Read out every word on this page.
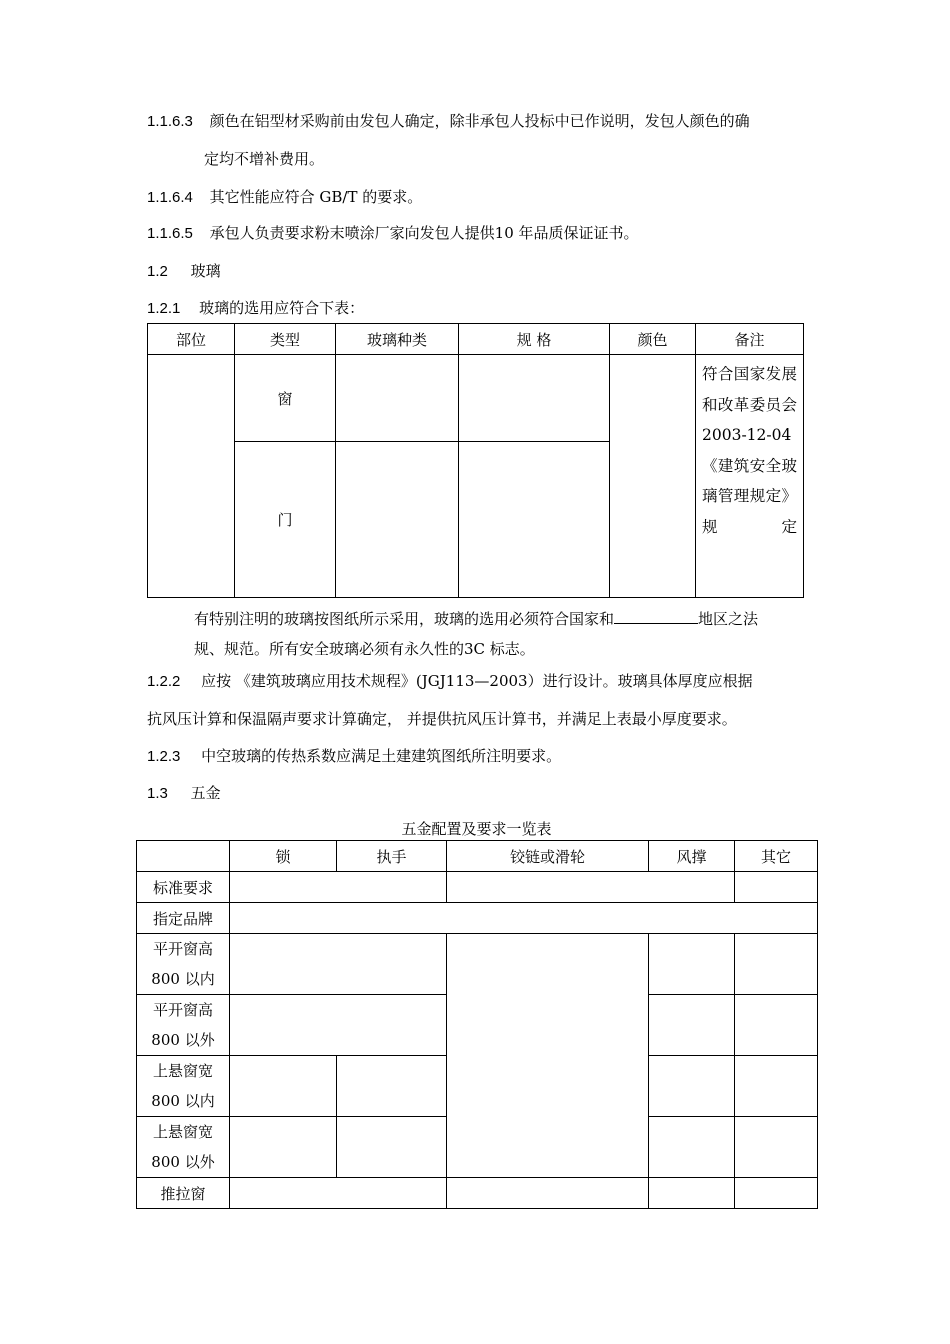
1.1.6.3 颜色在铝型材采购前由发包人确定，除非承包人投标中已作说明，发包人颜色的确
定均不增补费用。
1.1.6.4 其它性能应符合 GB/T 的要求。
1.1.6.5 承包人负责要求粉末喷涂厂家向发包人提供10 年品质保证证书。
1.2 玻璃
1.2.1 玻璃的选用应符合下表：
部位	类型	玻璃种类	规 格	颜色	备注
	窗				符合国家发展和改革委员会2003-12-04《建筑安全玻璃管理规定》规定
	门				
有特别注明的玻璃按图纸所示采用，玻璃的选用必须符合国家和	地区之法
规、规范。所有安全玻璃必须有永久性的3C 标志。
1.2.2 应按 《建筑玻璃应用技术规程》(JGJ113—2003）进行设计。玻璃具体厚度应根据
抗风压计算和保温隔声要求计算确定， 并提供抗风压计算书，并满足上表最小厚度要求。
1.2.3 中空玻璃的传热系数应满足土建建筑图纸所注明要求。
1.3 五金
五金配置及要求一览表
	锁	执手	铰链或滑轮	风撑	其它
标准要求					
指定品牌					

平开窗高
800 以内					

平开窗高
800 以外					

上悬窗宽
800 以内					

上悬窗宽
800 以外					

推拉窗					
